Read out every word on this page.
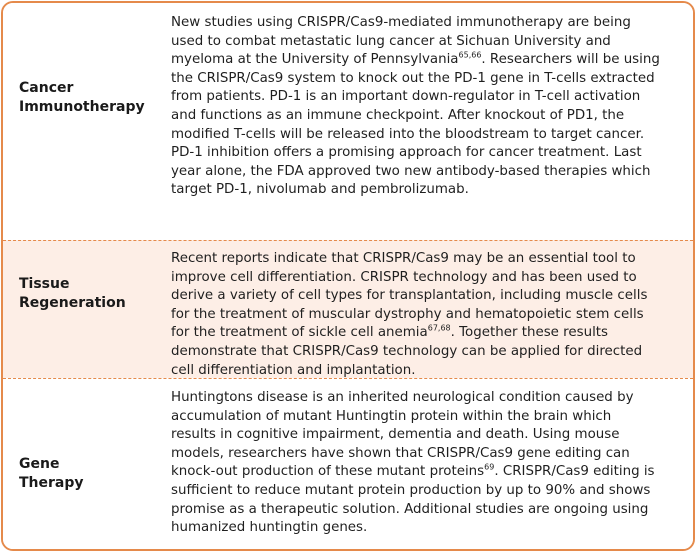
Cancer
Immunotherapy
New studies using CRISPR/Cas9-mediated immunotherapy are being
used to combat metastatic lung cancer at Sichuan University and
myeloma at the University of Pennsylvania$^{65,66}$. Researchers will be using
the CRISPR/Cas9 system to knock out the PD-1 gene in T-cells extracted
from patients. PD-1 is an important down-regulator in T-cell activation
and functions as an immune checkpoint. After knockout of PD1, the
modified T-cells will be released into the bloodstream to target cancer.
PD-1 inhibition offers a promising approach for cancer treatment. Last
year alone, the FDA approved two new antibody-based therapies which
target PD-1, nivolumab and pembrolizumab.
Tissue
Regeneration
Recent reports indicate that CRISPR/Cas9 may be an essential tool to
improve cell differentiation. CRISPR technology and has been used to
derive a variety of cell types for transplantation, including muscle cells
for the treatment of muscular dystrophy and hematopoietic stem cells
for the treatment of sickle cell anemia$^{67,68}$. Together these results
demonstrate that CRISPR/Cas9 technology can be applied for directed
cell differentiation and implantation.
Gene
Therapy
Huntingtons disease is an inherited neurological condition caused by
accumulation of mutant Huntingtin protein within the brain which
results in cognitive impairment, dementia and death. Using mouse
models, researchers have shown that CRISPR/Cas9 gene editing can
knock-out production of these mutant proteins$^{69}$. CRISPR/Cas9 editing is
sufficient to reduce mutant protein production by up to 90% and shows
promise as a therapeutic solution. Additional studies are ongoing using
humanized huntingtin genes.
